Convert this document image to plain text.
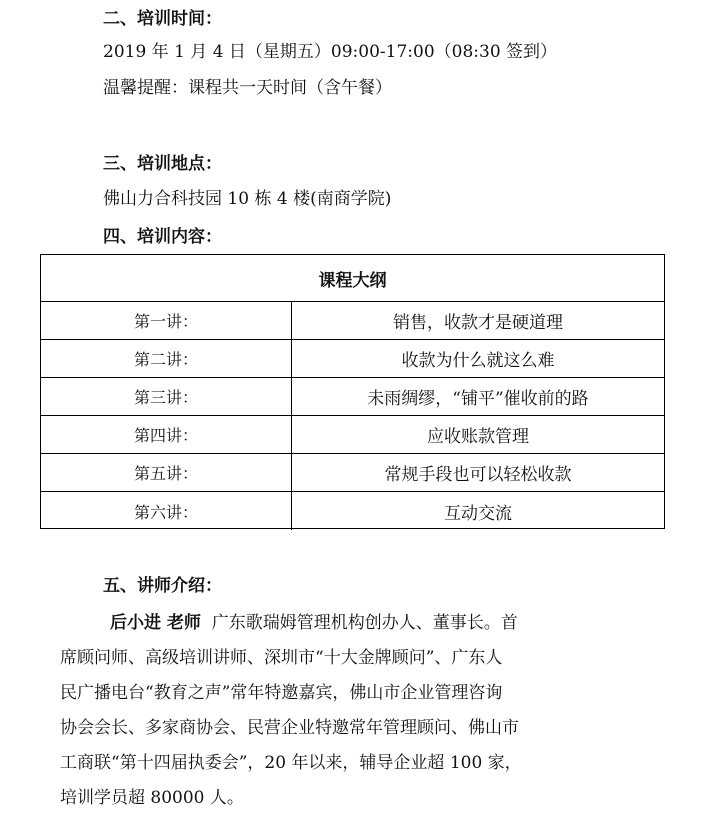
二、培训时间：
2019 年 1 月 4 日（星期五）09:00-17:00（08:30 签到）
温馨提醒：课程共一天时间（含午餐）
三、培训地点：
佛山力合科技园 10 栋 4 楼(南商学院)
四、培训内容：
课程大纲
第一讲：	销售，收款才是硬道理
第二讲：	收款为什么就这么难
第三讲：	未雨绸缪，“铺平”催收前的路
第四讲：	应收账款管理
第五讲：	常规手段也可以轻松收款
第六讲：	互动交流
五、讲师介绍：
后小进 老师 广东歌瑞姆管理机构创办人、董事长。首
席顾问师、高级培训讲师、深圳市“十大金牌顾问”、广东人
民广播电台“教育之声”常年特邀嘉宾，佛山市企业管理咨询
协会会长、多家商协会、民营企业特邀常年管理顾问、佛山市
工商联“第十四届执委会”，20 年以来，辅导企业超 100 家，
培训学员超 80000 人。
